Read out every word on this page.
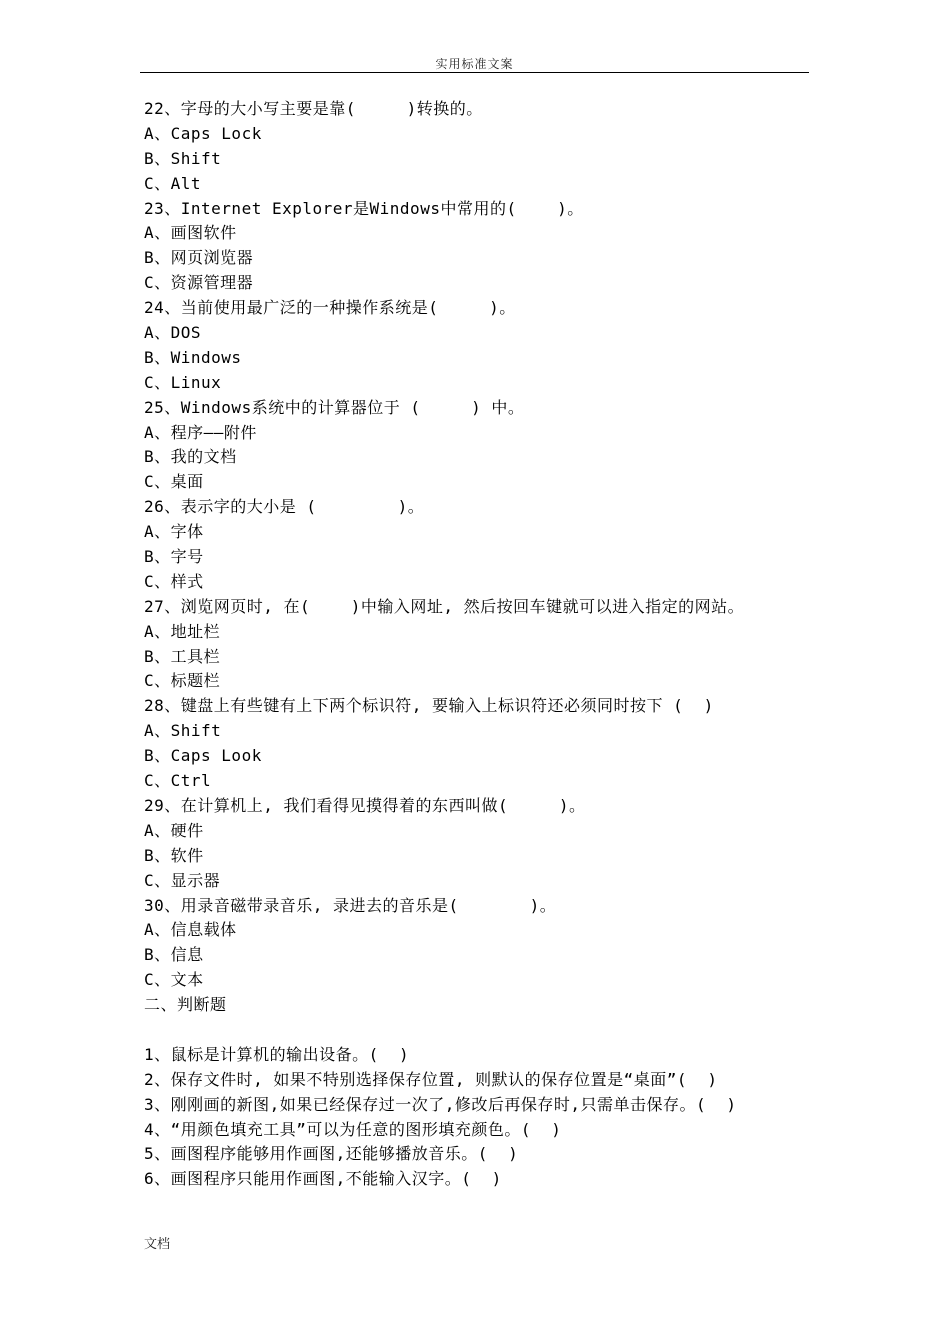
实用标准文案
22、字母的大小写主要是靠(     )转换的。
A、Caps Lock
B、Shift
C、Alt
23、Internet Explorer是Windows中常用的(    )。
A、画图软件
B、网页浏览器
C、资源管理器
24、当前使用最广泛的一种操作系统是(     )。
A、DOS
B、Windows
C、Linux
25、Windows系统中的计算器位于 (     ) 中。
A、程序——附件
B、我的文档
C、桌面
26、表示字的大小是 (        )。
A、字体
B、字号
C、样式
27、浏览网页时, 在(    )中输入网址, 然后按回车键就可以进入指定的网站。
A、地址栏
B、工具栏
C、标题栏
28、键盘上有些键有上下两个标识符, 要输入上标识符还必须同时按下 (  )
A、Shift
B、Caps Look
C、Ctrl
29、在计算机上, 我们看得见摸得着的东西叫做(     )。
A、硬件
B、软件
C、显示器
30、用录音磁带录音乐, 录进去的音乐是(       )。
A、信息载体
B、信息
C、文本
二、判断题
1、鼠标是计算机的输出设备。(  )
2、保存文件时, 如果不特别选择保存位置, 则默认的保存位置是“桌面”(  )
3、刚刚画的新图,如果已经保存过一次了,修改后再保存时,只需单击保存。(  )
4、“用颜色填充工具”可以为任意的图形填充颜色。(  )
5、画图程序能够用作画图,还能够播放音乐。(  )
6、画图程序只能用作画图,不能输入汉字。(  )
文档
